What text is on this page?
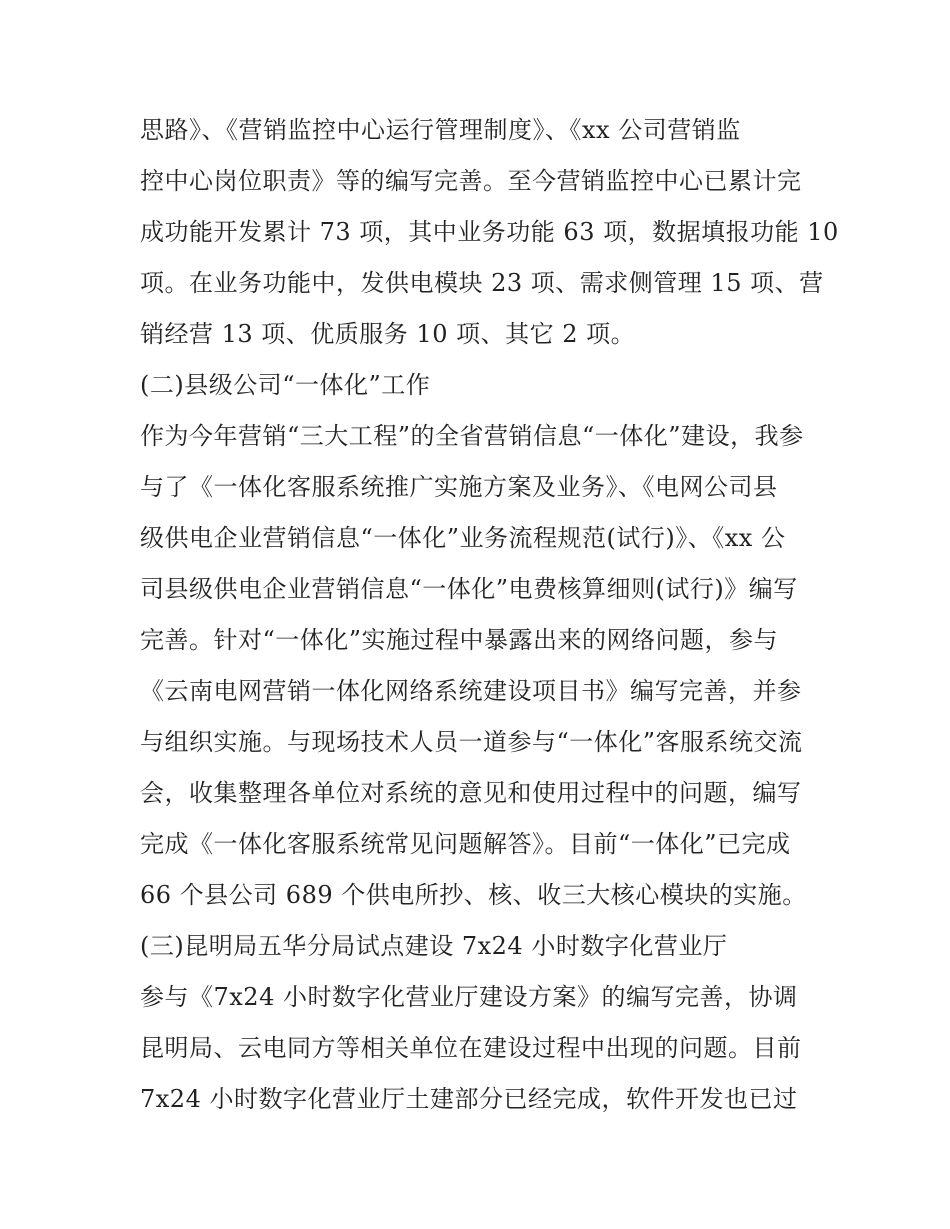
思路》、《营销监控中心运行管理制度》、《xx 公司营销监
控中心岗位职责》等的编写完善。至今营销监控中心已累计完
成功能开发累计 73 项，其中业务功能 63 项，数据填报功能 10
项。在业务功能中，发供电模块 23 项、需求侧管理 15 项、营
销经营 13 项、优质服务 10 项、其它 2 项。
(二)县级公司“一体化”工作
作为今年营销“三大工程”的全省营销信息“一体化”建设，我参
与了《一体化客服系统推广实施方案及业务》、《电网公司县
级供电企业营销信息“一体化”业务流程规范(试行)》、《xx 公
司县级供电企业营销信息“一体化”电费核算细则(试行)》编写
完善。针对“一体化”实施过程中暴露出来的网络问题，参与
《云南电网营销一体化网络系统建设项目书》编写完善，并参
与组织实施。与现场技术人员一道参与“一体化”客服系统交流
会，收集整理各单位对系统的意见和使用过程中的问题，编写
完成《一体化客服系统常见问题解答》。目前“一体化”已完成
66 个县公司 689 个供电所抄、核、收三大核心模块的实施。
(三)昆明局五华分局试点建设 7x24 小时数字化营业厅
参与《7x24 小时数字化营业厅建设方案》的编写完善，协调
昆明局、云电同方等相关单位在建设过程中出现的问题。目前
7x24 小时数字化营业厅土建部分已经完成，软件开发也已过
